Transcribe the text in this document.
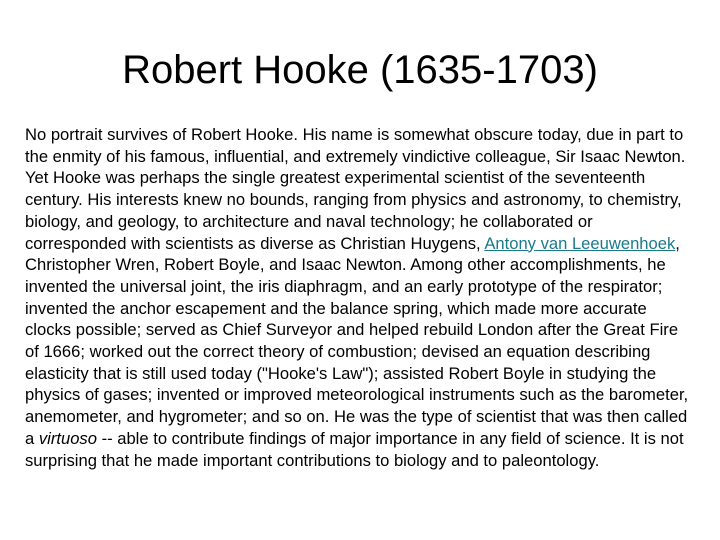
Robert Hooke (1635-1703)

No portrait survives of Robert Hooke. His name is somewhat obscure today, due in part to the enmity of his famous, influential, and extremely vindictive colleague, Sir Isaac Newton. Yet Hooke was perhaps the single greatest experimental scientist of the seventeenth century. His interests knew no bounds, ranging from physics and astronomy, to chemistry, biology, and geology, to architecture and naval technology; he collaborated or corresponded with scientists as diverse as Christian Huygens, Antony van Leeuwenhoek, Christopher Wren, Robert Boyle, and Isaac Newton. Among other accomplishments, he invented the universal joint, the iris diaphragm, and an early prototype of the respirator; invented the anchor escapement and the balance spring, which made more accurate clocks possible; served as Chief Surveyor and helped rebuild London after the Great Fire of 1666; worked out the correct theory of combustion; devised an equation describing elasticity that is still used today ("Hooke's Law"); assisted Robert Boyle in studying the physics of gases; invented or improved meteorological instruments such as the barometer, anemometer, and hygrometer; and so on. He was the type of scientist that was then called a virtuoso -- able to contribute findings of major importance in any field of science. It is not surprising that he made important contributions to biology and to paleontology.
